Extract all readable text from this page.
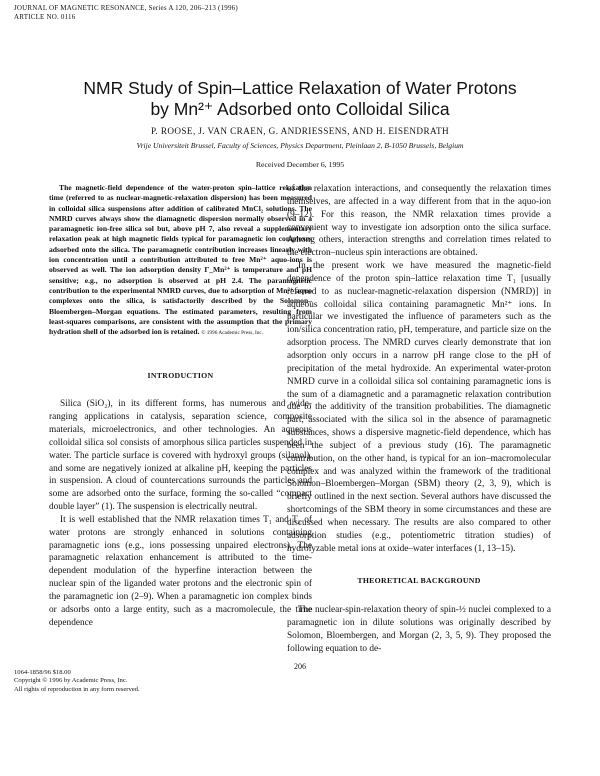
JOURNAL OF MAGNETIC RESONANCE, Series A 120, 206–213 (1996)
ARTICLE NO. 0116
NMR Study of Spin–Lattice Relaxation of Water Protons
by Mn²⁺ Adsorbed onto Colloidal Silica
P. ROOSE, J. VAN CRAEN, G. ANDRIESSENS, AND H. EISENDRATH
Vrije Universiteit Brussel, Faculty of Sciences, Physics Department, Pleinlaan 2, B-1050 Brussels, Belgium
Received December 6, 1995

The magnetic-field dependence of the water-proton spin–lattice relaxation time (referred to as nuclear-magnetic-relaxation dispersion) has been measured in colloidal silica suspensions after addition of calibrated MnCl₂ solutions. The NMRD curves always show the diamagnetic dispersion normally observed in a paramagnetic ion-free silica sol but, above pH 7, also reveal a supplementary relaxation peak at high magnetic fields typical for paramagnetic ion complexes adsorbed onto the silica. The paramagnetic contribution increases linearly with ion concentration until a contribution attributed to free Mn²⁺ aquo-ions is observed as well. The ion adsorption density Γ_Mn²⁺ is temperature and pH sensitive; e.g., no adsorption is observed at pH 2.4. The paramagnetic contribution to the experimental NMRD curves, due to adsorption of Mn²⁺ aquo complexes onto the silica, is satisfactorily described by the Solomon–Bloembergen–Morgan equations. The estimated parameters, resulting from least-squares comparisons, are consistent with the assumption that the primary hydration shell of the adsorbed ion is retained. © 1996 Academic Press, Inc.

INTRODUCTION

Silica (SiO₂), in its different forms, has numerous and wide-ranging applications in catalysis, separation science, composite materials, microelectronics, and other technologies. An aqueous colloidal silica sol consists of amorphous silica particles suspended in water. The particle surface is covered with hydroxyl groups (silanol), and some are negatively ionized at alkaline pH, keeping the particles in suspension. A cloud of countercations surrounds the particles and some are adsorbed onto the surface, forming the so-called “compact double layer” (1). The suspension is electrically neutral.

It is well established that the NMR relaxation times T₁ and T₂ of water protons are strongly enhanced in solutions containing paramagnetic ions (e.g., ions possessing unpaired electrons). The paramagnetic relaxation enhancement is attributed to the time-dependent modulation of the hyperfine interaction between the nuclear spin of the liganded water protons and the electronic spin of the paramagnetic ion (2–9). When a paramagnetic ion complex binds or adsorbs onto a large entity, such as a macromolecule, the time dependence

of the relaxation interactions, and consequently the relaxation times themselves, are affected in a way different from that in the aquo-ion (9–12). For this reason, the NMR relaxation times provide a convenient way to investigate ion adsorption onto the silica surface. Among others, interaction strengths and correlation times related to the electron–nucleus spin interactions are obtained.

In the present work we have measured the magnetic-field dependence of the proton spin–lattice relaxation time T₁ [usually referred to as nuclear-magnetic-relaxation dispersion (NMRD)] in aqueous colloidal silica containing paramagnetic Mn²⁺ ions. In particular we investigated the influence of parameters such as the ion/silica concentration ratio, pH, temperature, and particle size on the adsorption process. The NMRD curves clearly demonstrate that ion adsorption only occurs in a narrow pH range close to the pH of precipitation of the metal hydroxide. An experimental water-proton NMRD curve in a colloidal silica sol containing paramagnetic ions is the sum of a diamagnetic and a paramagnetic relaxation contribution due to the additivity of the transition probabilities. The diamagnetic part, associated with the silica sol in the absence of paramagnetic substances, shows a dispersive magnetic-field dependence, which has been the subject of a previous study (16). The paramagnetic contribution, on the other hand, is typical for an ion–macromolecular complex and was analyzed within the framework of the traditional Solomon–Bloembergen–Morgan (SBM) theory (2, 3, 9), which is briefly outlined in the next section. Several authors have discussed the shortcomings of the SBM theory in some circumstances and these are discussed when necessary. The results are also compared to other adsorption studies (e.g., potentiometric titration studies) of hydrolyzable metal ions at oxide–water interfaces (1, 13–15).

THEORETICAL BACKGROUND

The nuclear-spin-relaxation theory of spin-½ nuclei complexed to a paramagnetic ion in dilute solutions was originally described by Solomon, Bloembergen, and Morgan (2, 3, 5, 9). They proposed the following equation to de-

1064-1858/96 $18.00
Copyright © 1996 by Academic Press, Inc.
All rights of reproduction in any form reserved.
206
